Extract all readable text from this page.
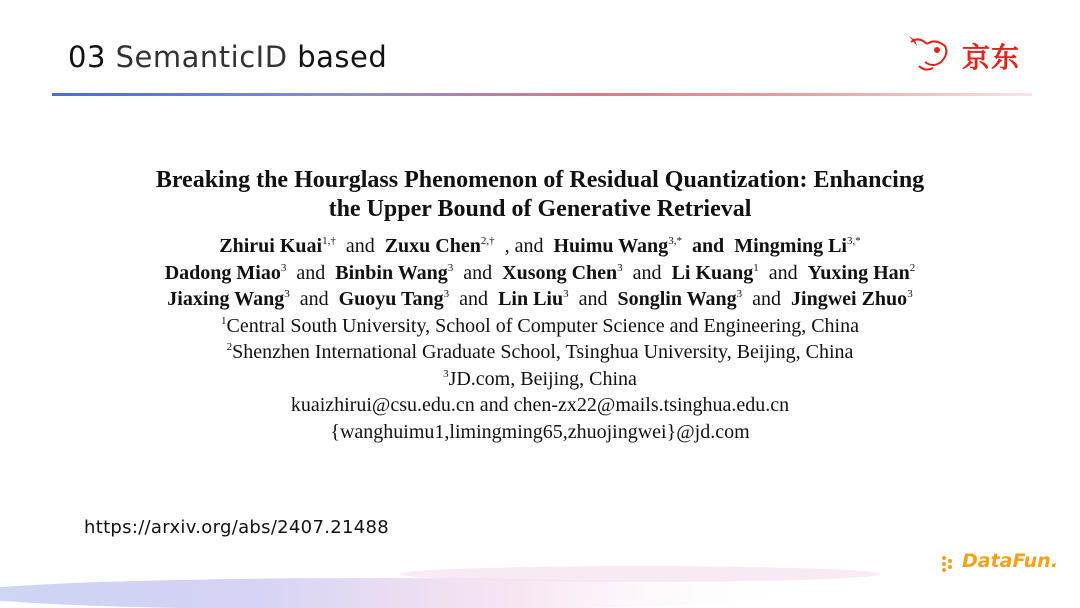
03 SemanticID based	京东
Breaking the Hourglass Phenomenon of Residual Quantization: Enhancing
the Upper Bound of Generative Retrieval
Zhirui Kuai$^{1,\dagger}$  and  Zuxu Chen$^{2,\dagger}$  , and  Huimu Wang$^{3,*}$  and  Mingming $Li^{3,*}$
Dadong Miao$^3$  and  Binbin Wang$^3$  and  Xusong Chen$^3$  and  Li Kuang$^1$  and  Yuxing Han$^2$
Jiaxing Wang$^3$  and  Guoyu Tang$^3$  and  Lin Liu$^3$  and  Songlin Wang$^3$  and  Jingwei Zhuo$^3$
$^1$Central South University, School of Computer Science and Engineering, China
$^2$Shenzhen International Graduate School, Tsinghua University, Beijing, China
$^3$JD.com, Beijing, China
kuaizhirui@csu.edu.cn and chen-zx22@mails.tsinghua.edu.cn
{wanghuimu1,limingming65,zhuojingwei}@jd.com
https://arxiv.org/abs/2407.21488
DataFun.
